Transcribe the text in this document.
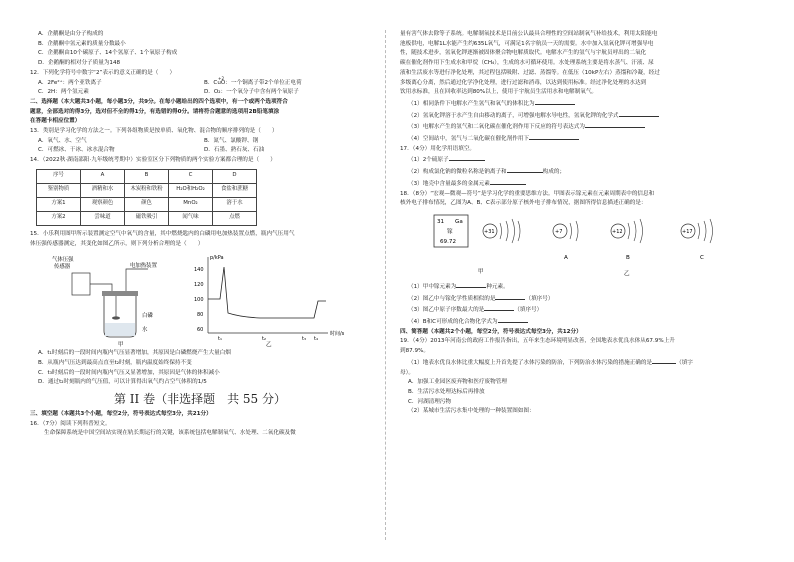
A．企鹅酮是由分子构成的
B．企鹅酮中氢元素的质量分数最小
C．企鹅酮由10个碳原子、14个氢原子、1个氧原子构成
D．企鹅酮的相对分子质量为148
12．下列化学符号中数字“2”表示的意义正确的是（　　）
A．2Fe²⁺：两个亚铁离子
+2
B．CuO：一个铜离子带2个单位正电荷
C．2H：两个氢元素	D．O₂：一个氧分子中含有两个氧原子
二、选择题（本大题共3小题，每小题3分，共9分。在每小题给出的四个选项中，有一个或两个选项符合
题意，全部选对的得3分，选对但不全的得1分，有选错的得0分。请将符合题意的选项用2B铅笔填涂
在答题卡相应位置）
13．类别是学习化学的方法之一。下列各组物质是按单质、氧化物、混合物的顺序排列的是（　　）
A．氧气、水、空气	B．氮气、氯酸钾、钢
C．可燃冰、干冰、冰水混合物	D．石墨、熟石灰、石油
14．（2022秋·湖南邵阳·九年级统考期中）实验室区分下列物质的两个实验方案都合理的是（　　）
序号	A	B	C	D
鉴别物质	酒精和水	木炭粉和铁粉	H₂O和H₂O₂	食盐和蔗糖
方案1	观察颜色	颜色	MnO₂	溶于水
方案2	尝味道	磁铁吸引	闻气味	点燃
15．小乐利用图甲所示装置测定空气中氧气的含量，其中燃烧匙内的白磷用电加热装置点燃，瓶内气压用气
体压强传感器测定，其变化如图乙所示，则下列分析合理的是（　　）
气体压强
传感器	电加热装置
白磷
水
甲
p/kPa
140
120
100
80
60
t₁	t₂	t₃ t₄
时间/s
乙
A．t₁时刻后的一段时间内瓶内气压显著增加，其原因是白磷燃烧产生大量白烟
B．从瓶内气压达到最高点直至t₂时刻，瓶内温度始终保持不变
C．t₃时刻后的一段时间内瓶内气压又显著增加，其原因是气体的体积减小
D．通过t₂时刻瓶内的气压值，可以计算得出氧气约占空气体积的1/5
第 II 卷（非选择题　共 55 分）
三、填空题（本题共3个小题，每空2分，符号表达式每空3分，共21分）
16．（7分）阅读下列科普短文。
生命保障系统是中国空间站实现在轨长期运行的关键，该系统包括电解制氧气、水处理、二氧化碳及微
量有害气体去除等子系统。电解制氧技术是目前公认最具合理性的空间站制氧气补给技术，利用太阳能电
池板供电，电解1L水能产生约635L氧气，可满足1名宇航员一天的需要。水中加入氢氧化钾可增强导电
性，随技术进步，氢氧化钾逐渐被固体聚合物电解质取代。电解水产生的氢气与宇航员呼出的二氧化
碳在催化剂作用下生成水和甲烷（CH₄），生成的水可循环使用。水处理系统主要是将水蒸气、汗液、尿
液和生活废水等进行净化处理，其过程包括吸附、过滤、蒸馏等。在低压（10kP左右）蒸馏和冷凝，经过
多级离心分离，然后通过化学净化处理，进行过滤和消毒，以达到使用标准。经过净化处理的水达到
饮用水标准，且在回收率达到80%以上，使用于宇航员生活用水和电解制氧气。
（1）相同条件下电解水产生氢气和氧气的体积比为
（2）氢氧化钾溶于水产生自由移动的离子，可增强电解水导电性，氢氧化钾的化学式
（3）电解水产生的氢气和二氧化碳在催化剂作用下反应的符号表达式为
（4）空间站中，氢气与二氧化碳在催化剂作用下
17．（4分）用化学用语填空。
（1）2个硫原子
（2）构成氯化钠的微粒名称是钠离子和	构成的；
（3）地壳中含量最多的金属元素
18．（8分）“宏观—微观—符号”是学习化学的重要思维方法。甲图表示镓元素在元素周期表中的信息和
核外电子排布情况，乙图为A、B、C表示部分原子核外电子排布情况，据图所得信息描述正确的是：
31 Ga
镓
69.72
+31	+7
A
+12
B
+17
C
甲	乙
（1）甲中镓元素为	种元素。
（2）图乙中与镓化学性质相似的是	（填序号）
（3）图乙中原子序数最大的是	（填序号）
（4）B和C可形成的化合物化学式为
四、简答题（本题共2个小题，每空2分，符号表达式每空3分，共12分）
19．（4分）2013年河南公的政府工作报告指出，五年来生态环境明显改善，全国地表水优良水体从67.9%上升
到87.9%。
（1）地表水优良水体比重大幅度上升首先提了水体污染的防治，下列防治水体污染的措施正确的是	（填字
母）。
A．加强工业园区废弃物和医疗废物管理
B．生活污水处理达标后再排放
C．河湖清理污物
（2）某城市生活污水集中处理的一种装置图如图：
